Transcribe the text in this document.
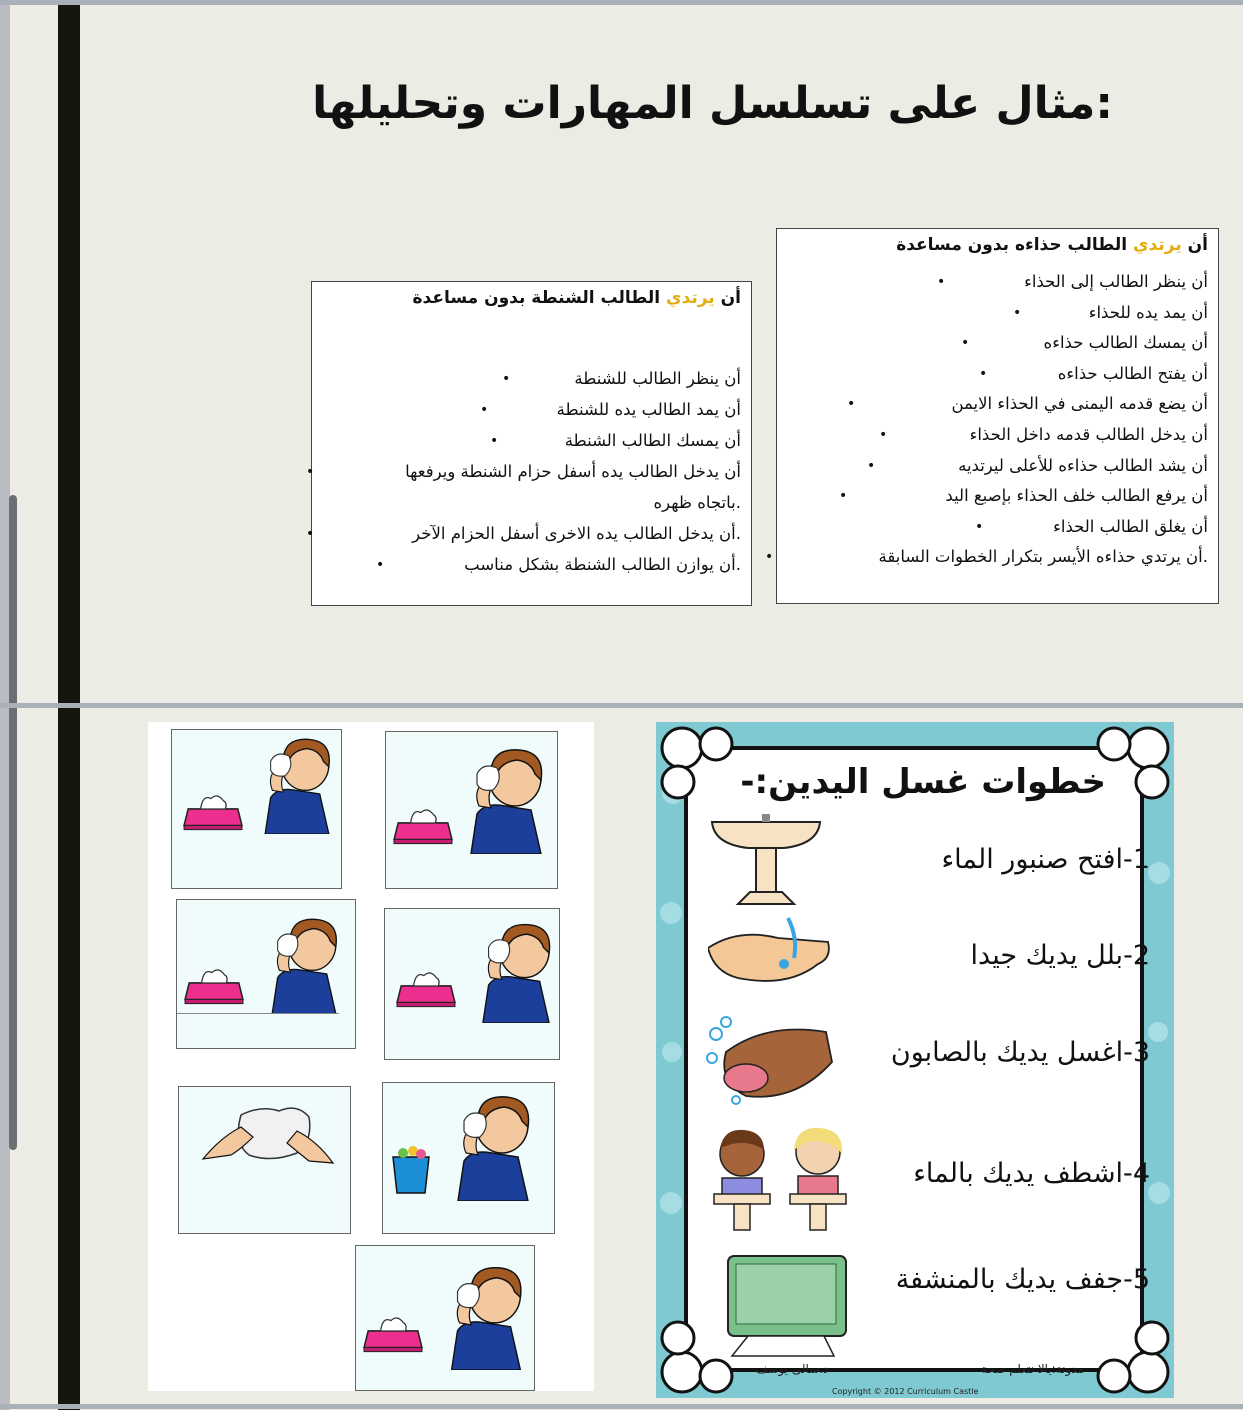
:مثال على تسلسل المهارات وتحليلها
أن يرتدي الطالب حذاءه بدون مساعدة
أن ينظر الطالب إلى الحذاء
•
أن يمد يده للحذاء
•
أن يمسك الطالب حذاءه
•
أن يفتح الطالب حذاءه
•
أن يضع قدمه اليمنى في الحذاء الايمن
•
أن يدخل الطالب قدمه داخل الحذاء
•
أن يشد الطالب حذاءه للأعلى ليرتديه
•
أن يرفع الطالب خلف الحذاء بإصبع اليد
•
أن يغلق الطالب الحذاء
•
.أن يرتدي حذاءه الأيسر بتكرار الخطوات السابقة
•
أن يرتدي الطالب الشنطة بدون مساعدة
أن ينظر الطالب للشنطة
•
أن يمد الطالب يده للشنطة
•
أن يمسك الطالب الشنطة
•
أن يدخل الطالب يده أسفل حزام الشنطة ويرفعها
•
.باتجاه ظهره
.أن يدخل الطالب يده الاخرى أسفل الحزام الآخر
•
.أن يوازن الطالب الشنطة بشكل مناسب
•
خطوات غسل اليدين:-
1-افتح صنبور الماء
2-بلل يديك جيدا
3-اغسل يديك بالصابون
4-اشطف يديك بالماء
5-جفف يديك بالمنشفة
مدونة:يالا نتعلم صحة
د.سالى يوسف
Copyright © 2012 Curriculum Castle
